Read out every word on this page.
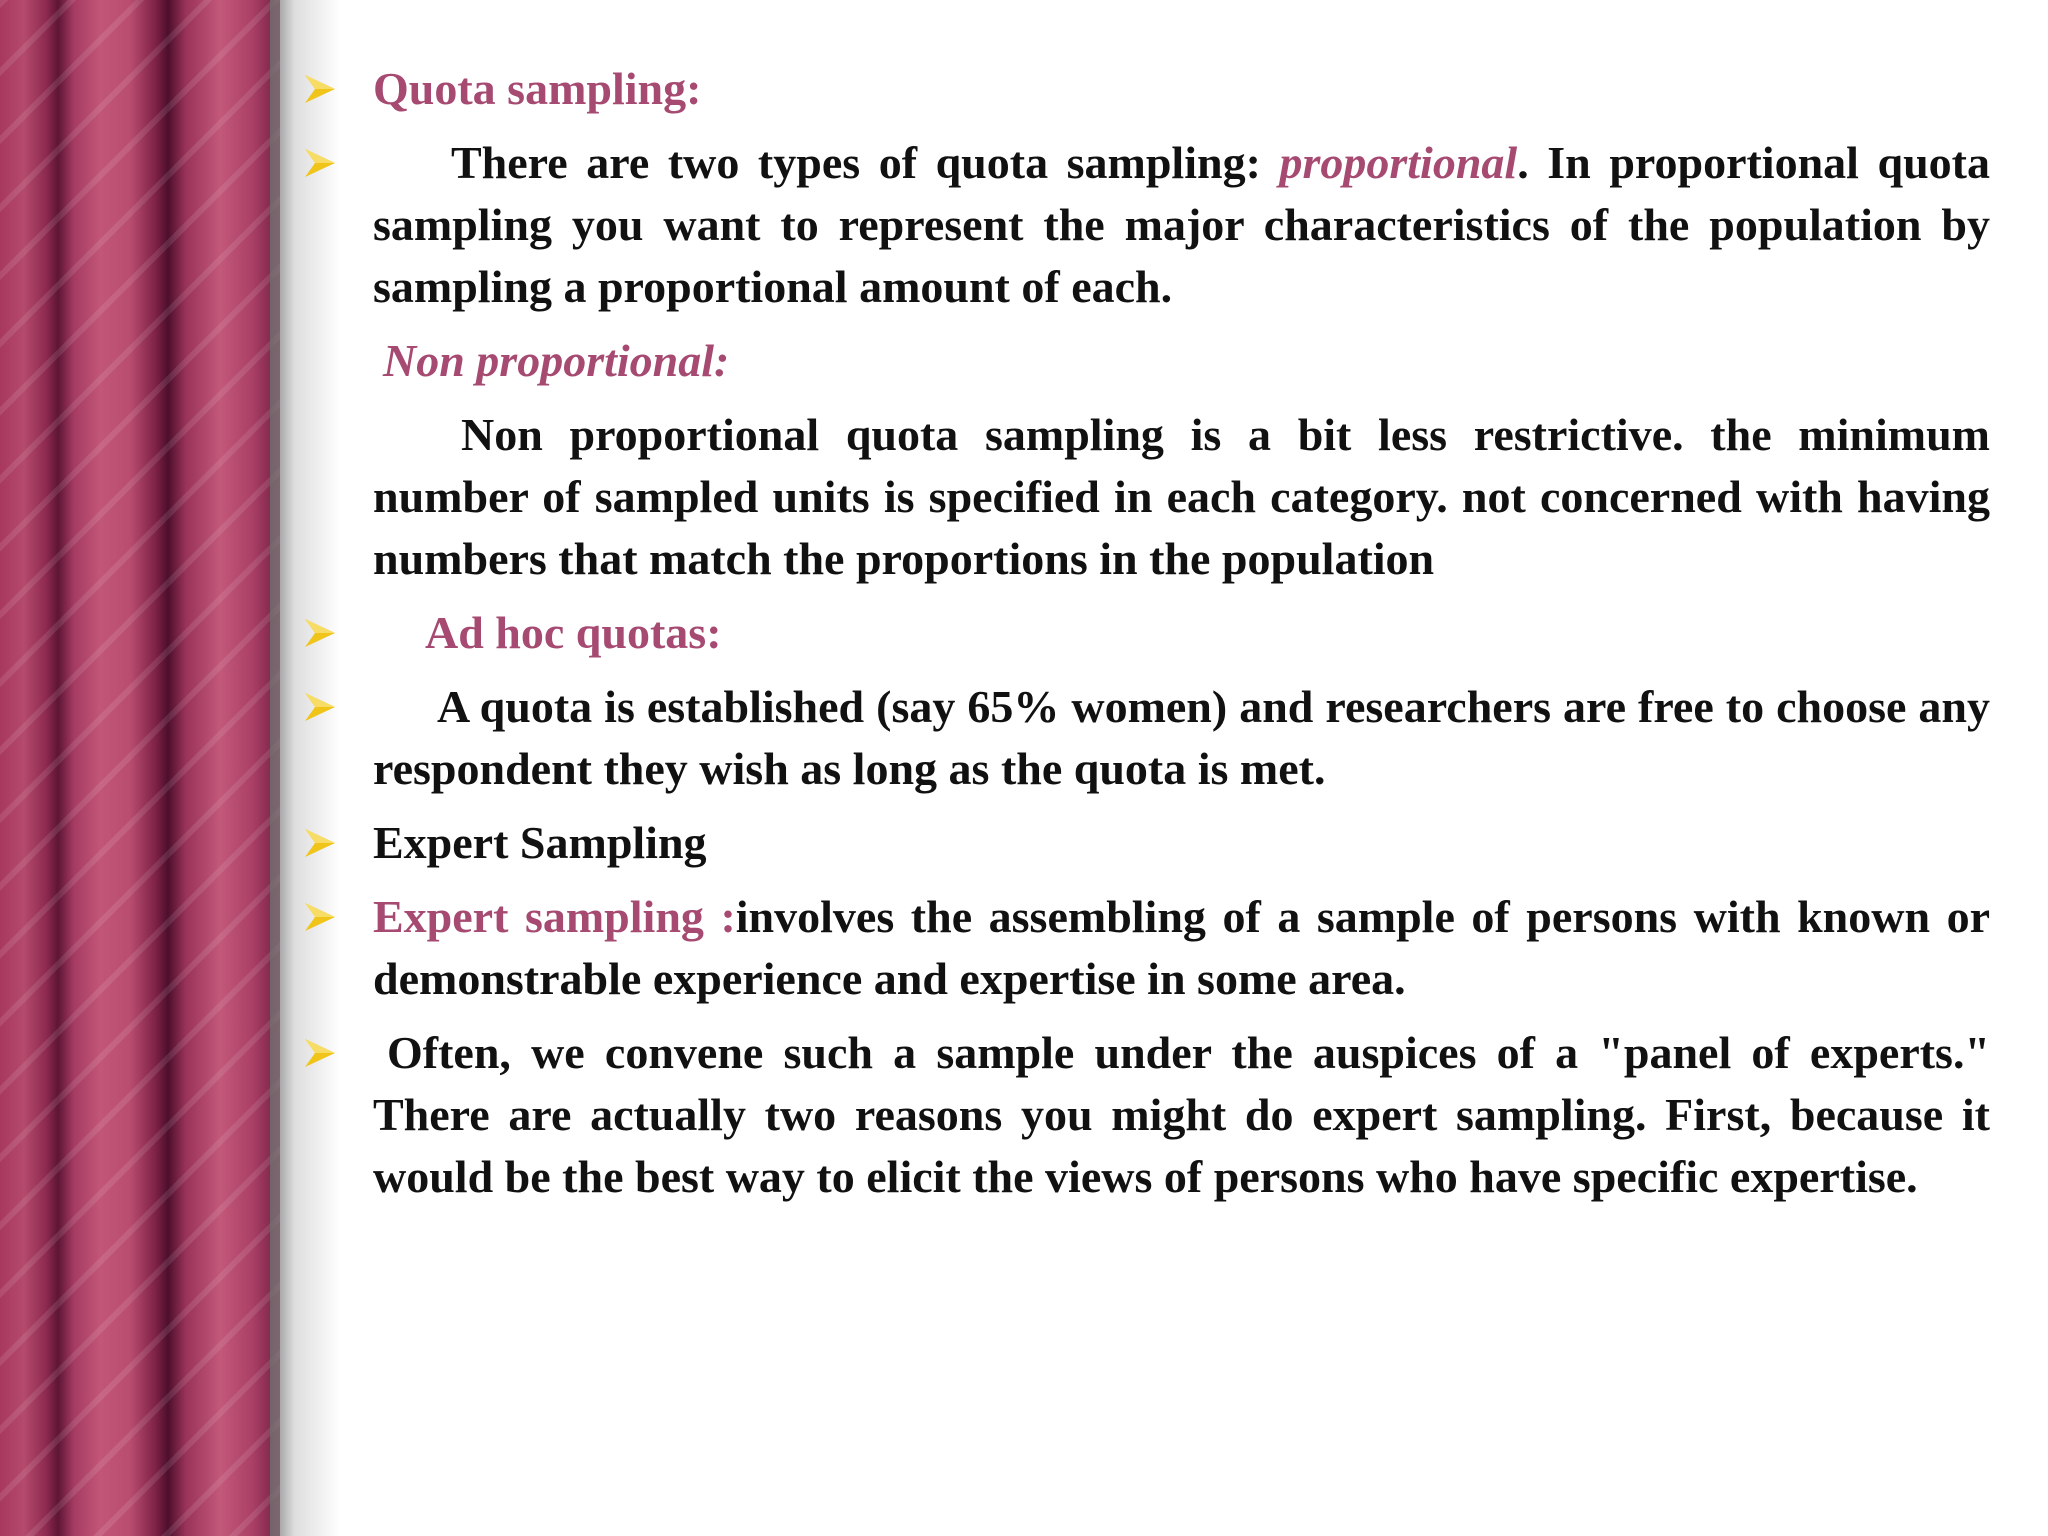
Quota sampling:
There are two types of quota sampling: proportional. In proportional quota sampling you want to represent the major characteristics of the population by sampling a proportional amount of each.
Non proportional:
Non proportional quota sampling is a bit less restrictive. the minimum number of sampled units is specified in each category. not concerned with having numbers that match the proportions in the population
Ad hoc quotas:
A quota is established (say 65% women) and researchers are free to choose any respondent they wish as long as the quota is met.
Expert Sampling
Expert sampling :involves the assembling of a sample of persons with known or demonstrable experience and expertise in some area.
Often, we convene such a sample under the auspices of a "panel of experts." There are actually two reasons you might do expert sampling. First, because it would be the best way to elicit the views of persons who have specific expertise.
